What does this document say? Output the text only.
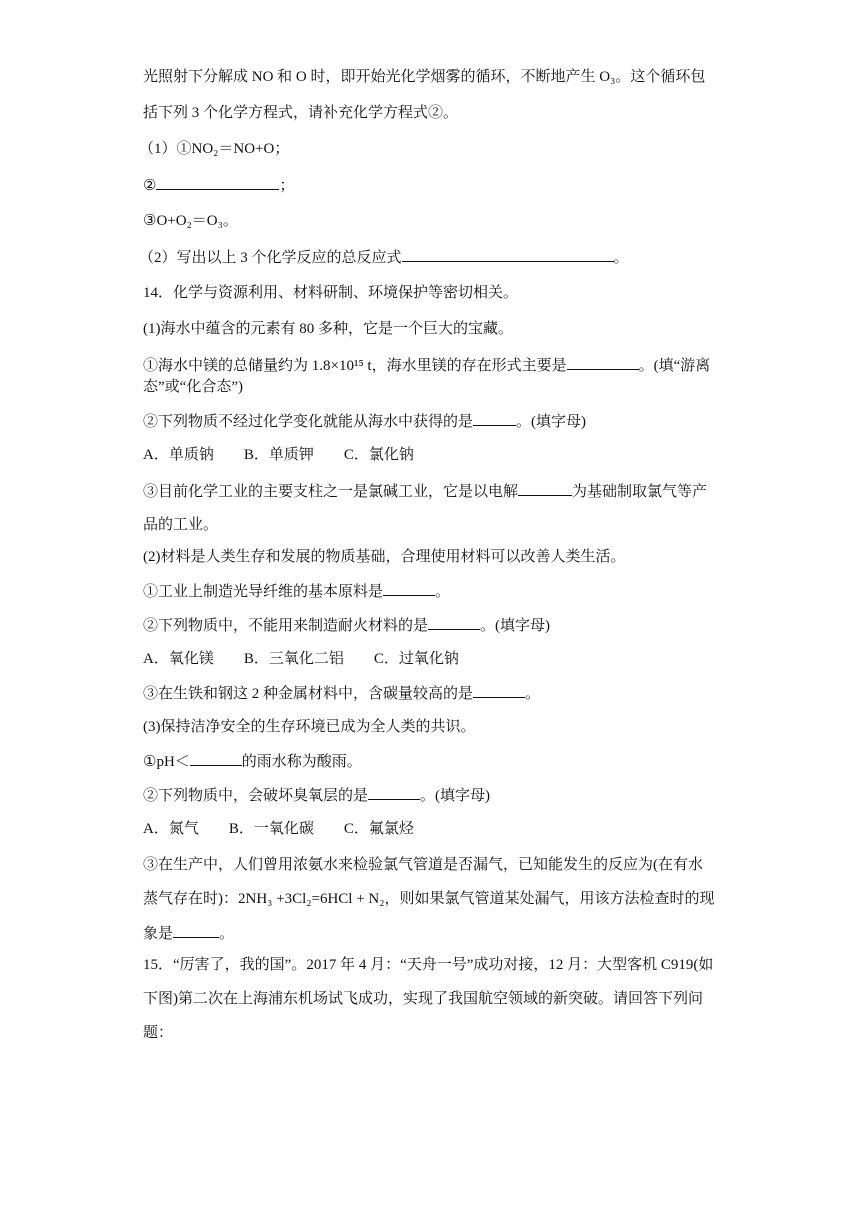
光照射下分解成 NO 和 O 时，即开始光化学烟雾的循环，不断地产生 O₃。这个循环包
括下列 3 个化学方程式，请补充化学方程式②。
（1）①NO₂＝NO+O；
②	；
③O+O₂＝O₃。
（2）写出以上 3 个化学反应的总反应式	。
14．化学与资源利用、材料研制、环境保护等密切相关。
(1)海水中蕴含的元素有 80 多种，它是一个巨大的宝藏。
①海水中镁的总储量约为 1.8×10¹⁵ t，海水里镁的存在形式主要是	。(填“游离
态”或“化合态”)
②下列物质不经过化学变化就能从海水中获得的是	。(填字母)
A．单质钠　　B．单质钾　　C．氯化钠
③目前化学工业的主要支柱之一是氯碱工业，它是以电解	为基础制取氯气等产
品的工业。
(2)材料是人类生存和发展的物质基础，合理使用材料可以改善人类生活。
①工业上制造光导纤维的基本原料是	。
②下列物质中，不能用来制造耐火材料的是	。(填字母)
A．氧化镁　　B．三氧化二铝　　C．过氧化钠
③在生铁和钢这 2 种金属材料中，含碳量较高的是	。
(3)保持洁净安全的生存环境已成为全人类的共识。
①pH＜	的雨水称为酸雨。
②下列物质中，会破坏臭氧层的是	。(填字母)
A．氮气　　B．一氧化碳　　C．氟氯烃
③在生产中，人们曾用浓氨水来检验氯气管道是否漏气，已知能发生的反应为(在有水
蒸气存在时)：2NH₃ +3Cl₂=6HCl + N₂，则如果氯气管道某处漏气，用该方法检查时的现
象是	。
15．“厉害了，我的国”。2017 年 4 月：“天舟一号”成功对接，12 月：大型客机 C919(如
下图)第二次在上海浦东机场试飞成功，实现了我国航空领域的新突破。请回答下列问
题：
